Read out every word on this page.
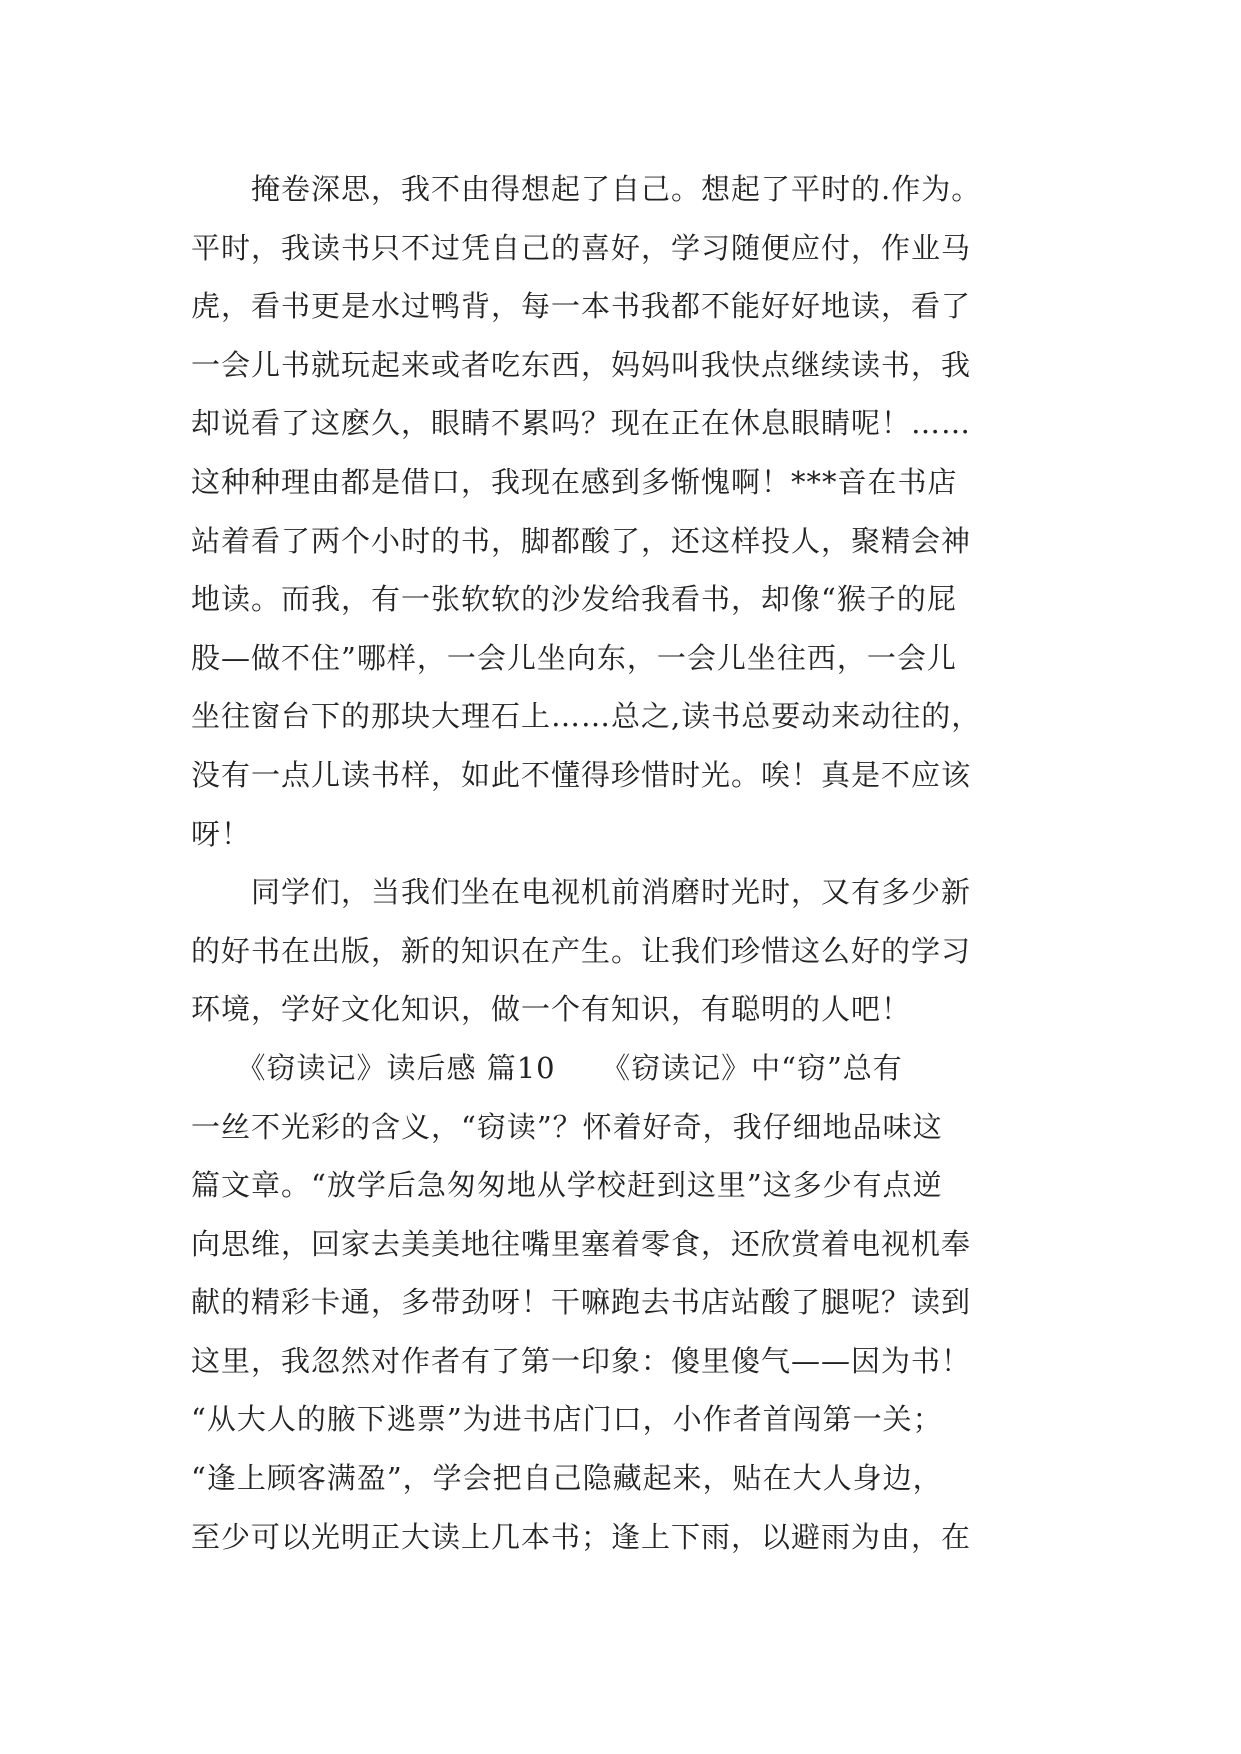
　　掩卷深思，我不由得想起了自己。想起了平时的.作为。
平时，我读书只不过凭自己的喜好，学习随便应付，作业马
虎，看书更是水过鸭背，每一本书我都不能好好地读，看了
一会儿书就玩起来或者吃东西，妈妈叫我快点继续读书，我
却说看了这麽久，眼睛不累吗？现在正在休息眼睛呢！……
这种种理由都是借口，我现在感到多惭愧啊！***音在书店
站着看了两个小时的书，脚都酸了，还这样投人，聚精会神
地读。而我，有一张软软的沙发给我看书，却像“猴子的屁
股—做不住”哪样，一会儿坐向东，一会儿坐往西，一会儿
坐往窗台下的那块大理石上……总之,读书总要动来动往的，
没有一点儿读书样，如此不懂得珍惜时光。唉！真是不应该
呀！
　　同学们，当我们坐在电视机前消磨时光时，又有多少新
的好书在出版，新的知识在产生。让我们珍惜这么好的学习
环境，学好文化知识，做一个有知识，有聪明的人吧！
　　《窃读记》读后感 篇10　　《窃读记》中“窃”总有
一丝不光彩的含义，“窃读”？怀着好奇，我仔细地品味这
篇文章。“放学后急匆匆地从学校赶到这里”这多少有点逆
向思维，回家去美美地往嘴里塞着零食，还欣赏着电视机奉
献的精彩卡通，多带劲呀！干嘛跑去书店站酸了腿呢？读到
这里，我忽然对作者有了第一印象：傻里傻气——因为书！
“从大人的腋下逃票”为进书店门口，小作者首闯第一关；
“逢上顾客满盈”，学会把自己隐藏起来，贴在大人身边，
至少可以光明正大读上几本书；逢上下雨，以避雨为由，在
